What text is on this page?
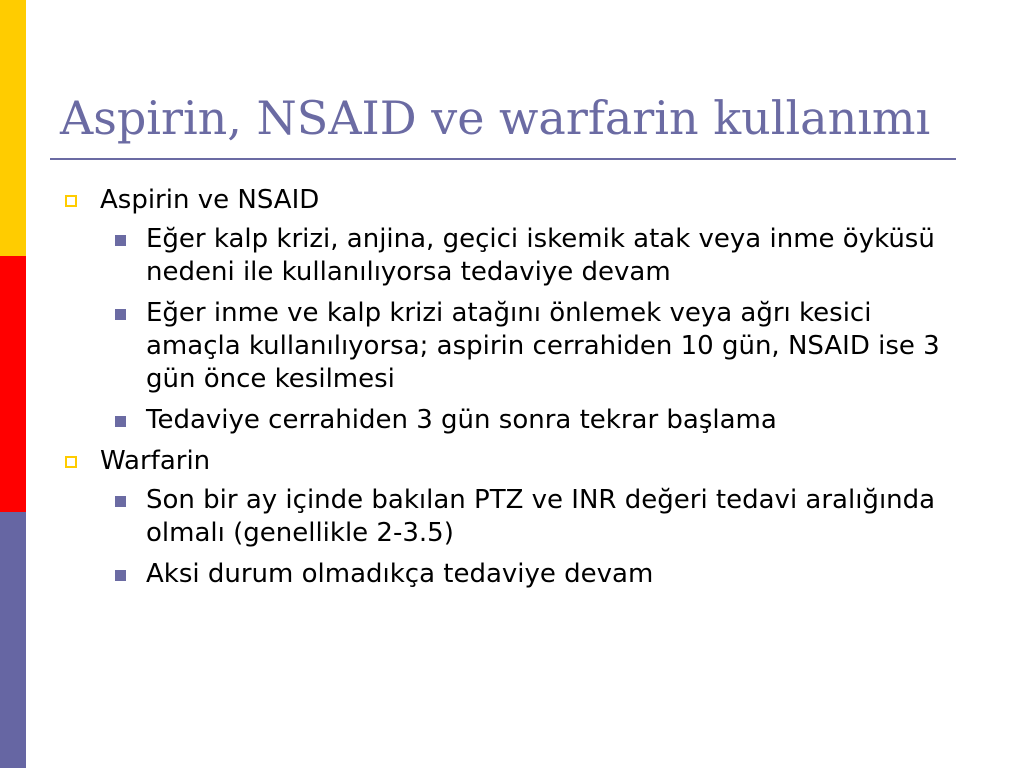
Aspirin, NSAID ve warfarin kullanımı
Aspirin ve NSAID
Eğer kalp krizi, anjina, geçici iskemik atak veya inme öyküsü nedeni ile kullanılıyorsa tedaviye devam
Eğer inme ve kalp krizi atağını önlemek veya ağrı kesici amaçla kullanılıyorsa; aspirin cerrahiden 10 gün, NSAID ise 3 gün önce kesilmesi
Tedaviye cerrahiden 3 gün sonra tekrar başlama
Warfarin
Son bir ay içinde bakılan PTZ ve INR değeri tedavi aralığında olmalı (genellikle 2-3.5)
Aksi durum olmadıkça tedaviye devam
